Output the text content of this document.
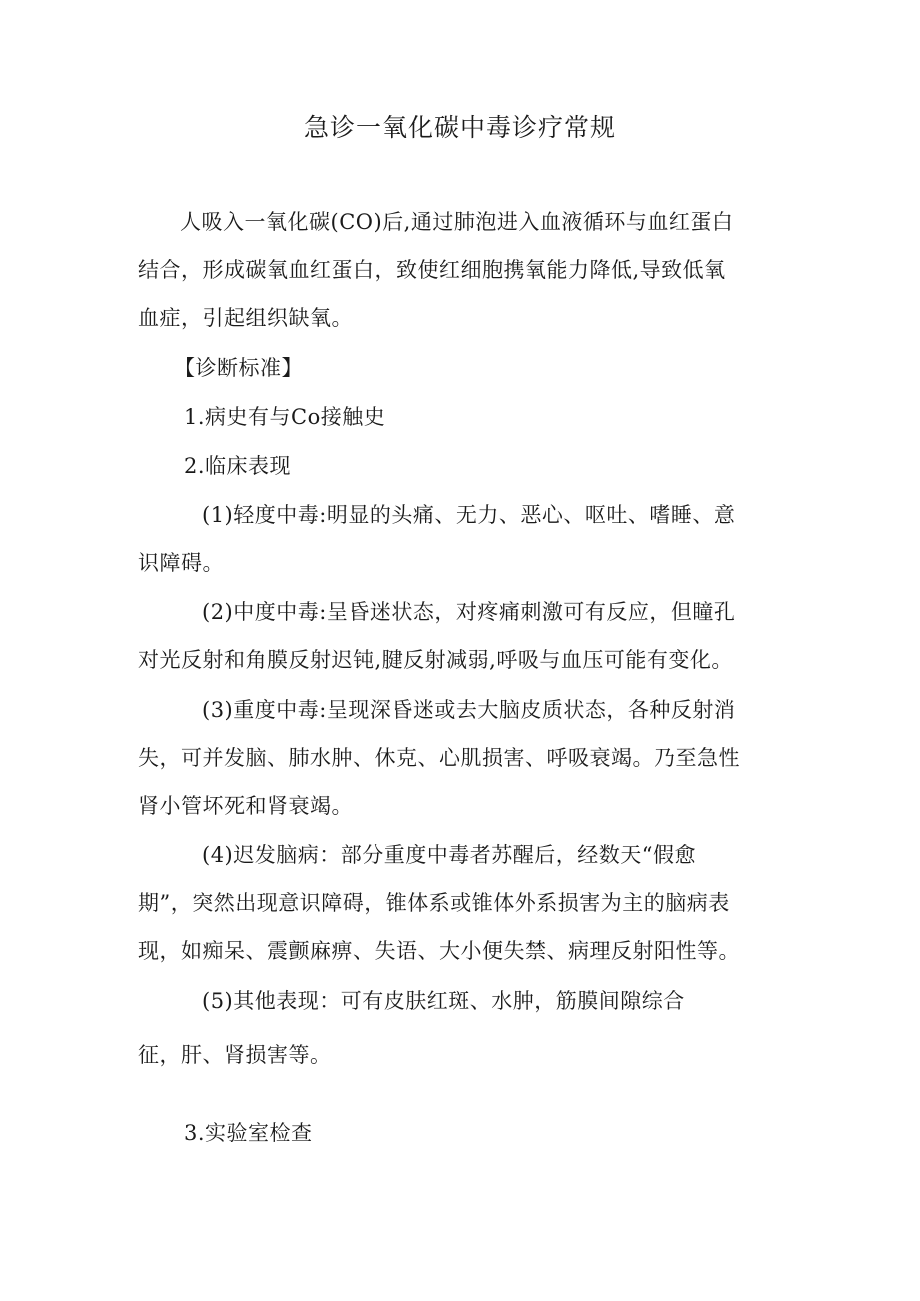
急诊一氧化碳中毒诊疗常规
人吸入一氧化碳(CO)后,通过肺泡进入血液循环与血红蛋白
结合，形成碳氧血红蛋白，致使红细胞携氧能力降低,导致低氧
血症，引起组织缺氧。
【诊断标准】
1.病史有与Co接触史
2.临床表现
(1)轻度中毒:明显的头痛、无力、恶心、呕吐、嗜睡、意
识障碍。
(2)中度中毒:呈昏迷状态，对疼痛刺激可有反应，但瞳孔
对光反射和角膜反射迟钝,腱反射减弱,呼吸与血压可能有变化。
(3)重度中毒:呈现深昏迷或去大脑皮质状态，各种反射消
失，可并发脑、肺水肿、休克、心肌损害、呼吸衰竭。乃至急性
肾小管坏死和肾衰竭。
(4)迟发脑病：部分重度中毒者苏醒后，经数天“假愈
期”，突然出现意识障碍，锥体系或锥体外系损害为主的脑病表
现，如痴呆、震颤麻痹、失语、大小便失禁、病理反射阳性等。
(5)其他表现：可有皮肤红斑、水肿，筋膜间隙综合
征，肝、肾损害等。
3.实验室检查
